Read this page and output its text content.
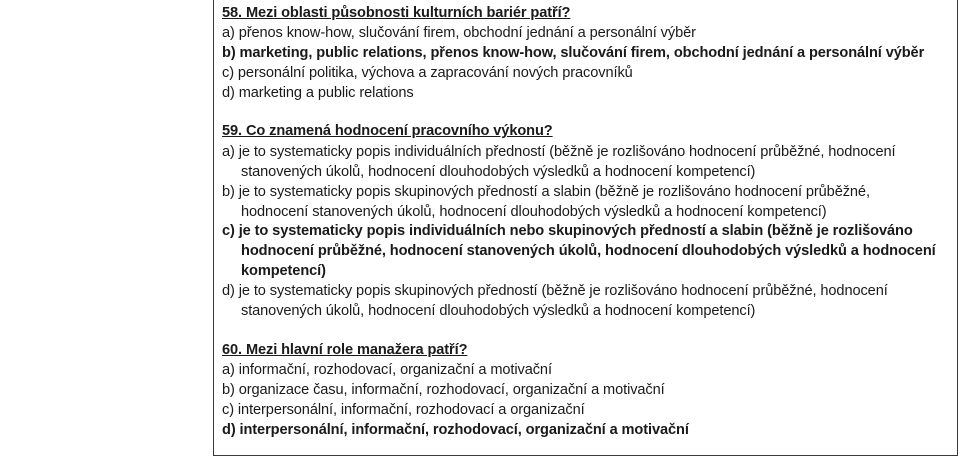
58. Mezi oblasti působnosti kulturních bariér patří?
a) přenos know-how, slučování firem, obchodní jednání a personální výběr
b) marketing, public relations, přenos know-how, slučování firem, obchodní jednání a personální výběr
c) personální politika, výchova a zapracování nových pracovníků
d) marketing a public relations
59. Co znamená hodnocení pracovního výkonu?
a) je to systematicky popis individuálních předností (běžně je rozlišováno hodnocení průběžné, hodnocení
stanovených úkolů, hodnocení dlouhodobých výsledků a hodnocení kompetencí)
b) je to systematicky popis skupinových předností a slabin (běžně je rozlišováno hodnocení průběžné,
hodnocení stanovených úkolů, hodnocení dlouhodobých výsledků a hodnocení kompetencí)
c) je to systematicky popis individuálních nebo skupinových předností a slabin (běžně je rozlišováno
hodnocení průběžné, hodnocení stanovených úkolů, hodnocení dlouhodobých výsledků a hodnocení
kompetencí)
d) je to systematicky popis skupinových předností (běžně je rozlišováno hodnocení průběžné, hodnocení
stanovených úkolů, hodnocení dlouhodobých výsledků a hodnocení kompetencí)
60. Mezi hlavní role manažera patří?
a) informační, rozhodovací, organizační a motivační
b) organizace času, informační, rozhodovací, organizační a motivační
c) interpersonální, informační, rozhodovací a organizační
d) interpersonální, informační, rozhodovací, organizační a motivační
